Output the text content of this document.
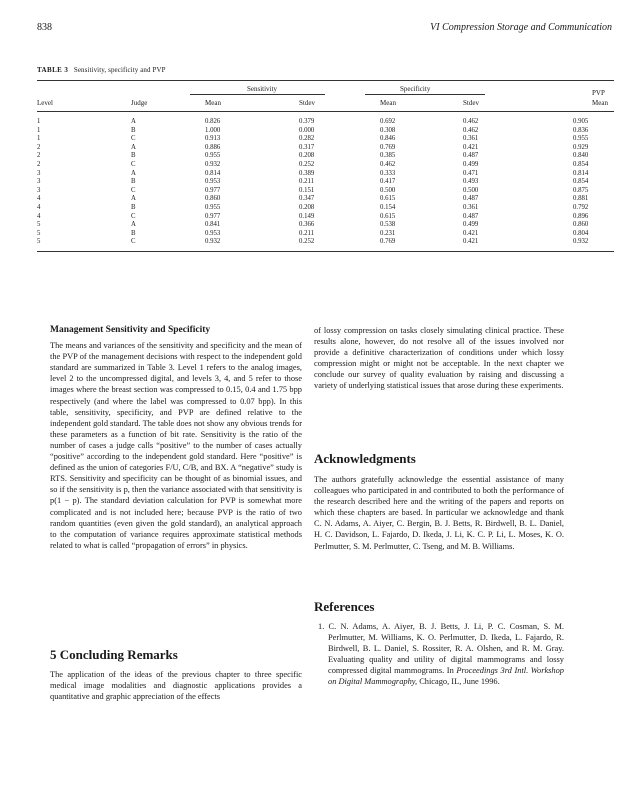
838	VI Compression Storage and Communication
TABLE 3 Sensitivity, specificity and PVP
Sensitivity	Specificity	PVP
Level	Judge	Mean	Stdev	Mean	Stdev	Mean
1	A	0.826	0.379	0.692	0.462	0.905
1	B	1.000	0.000	0.308	0.462	0.836
1	C	0.913	0.282	0.846	0.361	0.955
2	A	0.886	0.317	0.769	0.421	0.929
2	B	0.955	0.208	0.385	0.487	0.840
2	C	0.932	0.252	0.462	0.499	0.854
3	A	0.814	0.389	0.333	0.471	0.814
3	B	0.953	0.211	0.417	0.493	0.854
3	C	0.977	0.151	0.500	0.500	0.875
4	A	0.860	0.347	0.615	0.487	0.881
4	B	0.955	0.208	0.154	0.361	0.792
4	C	0.977	0.149	0.615	0.487	0.896
5	A	0.841	0.366	0.538	0.499	0.860
5	B	0.953	0.211	0.231	0.421	0.804
5	C	0.932	0.252	0.769	0.421	0.932
Management Sensitivity and Specificity

The means and variances of the sensitivity and specificity and the mean of the PVP of the management decisions with respect to the independent gold standard are summarized in Table 3. Level 1 refers to the analog images, level 2 to the uncompressed digital, and levels 3, 4, and 5 refer to those images where the breast section was compressed to 0.15, 0.4 and 1.75 bpp respectively (and where the label was compressed to 0.07 bpp). In this table, sensitivity, specificity, and PVP are defined relative to the independent gold standard. The table does not show any obvious trends for these parameters as a function of bit rate. Sensitivity is the ratio of the number of cases a judge calls “positive” to the number of cases actually “positive” according to the independent gold standard. Here “positive” is defined as the union of categories F/U, C/B, and BX. A “negative” study is RTS. Sensitivity and specificity can be thought of as binomial issues, and so if the sensitivity is p, then the variance associated with that sensitivity is p(1 − p). The standard deviation calculation for PVP is somewhat more complicated and is not included here; because PVP is the ratio of two random quantities (even given the gold standard), an analytical approach to the computation of variance requires approximate statistical methods related to what is called “propagation of errors” in physics.

5 Concluding Remarks
The application of the ideas of the previous chapter to three specific medical image modalities and diagnostic applications provides a quantitative and graphic appreciation of the effects
of lossy compression on tasks closely simulating clinical practice. These results alone, however, do not resolve all of the issues involved nor provide a definitive characterization of conditions under which lossy compression might or might not be acceptable. In the next chapter we conclude our survey of quality evaluation by raising and discussing a variety of underlying statistical issues that arose during these experiments.
Acknowledgments
The authors gratefully acknowledge the essential assistance of many colleagues who participated in and contributed to both the performance of the research described here and the writing of the papers and reports on which these chapters are based. In particular we acknowledge and thank C. N. Adams, A. Aiyer, C. Bergin, B. J. Betts, R. Birdwell, B. L. Daniel, H. C. Davidson, L. Fajardo, D. Ikeda, J. Li, K. C. P. Li, L. Moses, K. O. Perlmutter, S. M. Perlmutter, C. Tseng, and M. B. Williams.
References
1. C. N. Adams, A. Aiyer, B. J. Betts, J. Li, P. C. Cosman, S. M. Perlmutter, M. Williams, K. O. Perlmutter, D. Ikeda, L. Fajardo, R. Birdwell, B. L. Daniel, S. Rossiter, R. A. Olshen, and R. M. Gray. Evaluating quality and utility of digital mammograms and lossy compressed digital mammograms. In Proceedings 3rd Intl. Workshop on Digital Mammography, Chicago, IL, June 1996.
